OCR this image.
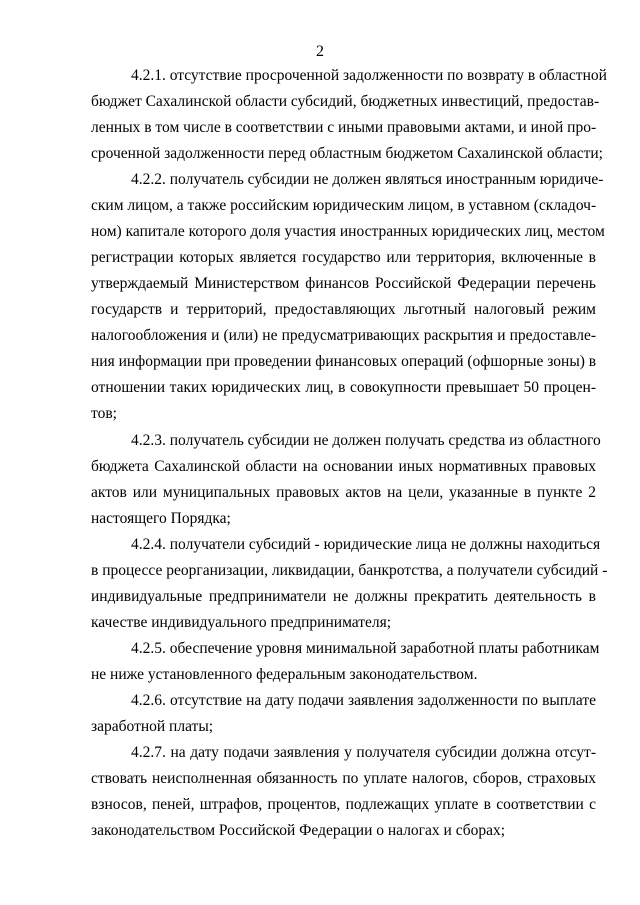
2
4.2.1. отсутствие просроченной задолженности по возврату в областной
бюджет Сахалинской области субсидий, бюджетных инвестиций, предостав-
ленных в том числе в соответствии с иными правовыми актами, и иной про-
сроченной задолженности перед областным бюджетом Сахалинской области;
4.2.2. получатель субсидии не должен являться иностранным юридиче-
ским лицом, а также российским юридическим лицом, в уставном (складоч-
ном) капитале которого доля участия иностранных юридических лиц, местом
регистрации которых является государство или территория, включенные в
утверждаемый Министерством финансов Российской Федерации перечень
государств и территорий, предоставляющих льготный налоговый режим
налогообложения и (или) не предусматривающих раскрытия и предоставле-
ния информации при проведении финансовых операций (офшорные зоны) в
отношении таких юридических лиц, в совокупности превышает 50 процен-
тов;
4.2.3. получатель субсидии не должен получать средства из областного
бюджета Сахалинской области на основании иных нормативных правовых
актов или муниципальных правовых актов на цели, указанные в пункте 2
настоящего Порядка;
4.2.4. получатели субсидий - юридические лица не должны находиться
в процессе реорганизации, ликвидации, банкротства, а получатели субсидий -
индивидуальные предприниматели не должны прекратить деятельность в
качестве индивидуального предпринимателя;
4.2.5. обеспечение уровня минимальной заработной платы работникам
не ниже установленного федеральным законодательством.
4.2.6. отсутствие на дату подачи заявления задолженности по выплате
заработной платы;
4.2.7. на дату подачи заявления у получателя субсидии должна отсут-
ствовать неисполненная обязанность по уплате налогов, сборов, страховых
взносов, пеней, штрафов, процентов, подлежащих уплате в соответствии с
законодательством Российской Федерации о налогах и сборах;
